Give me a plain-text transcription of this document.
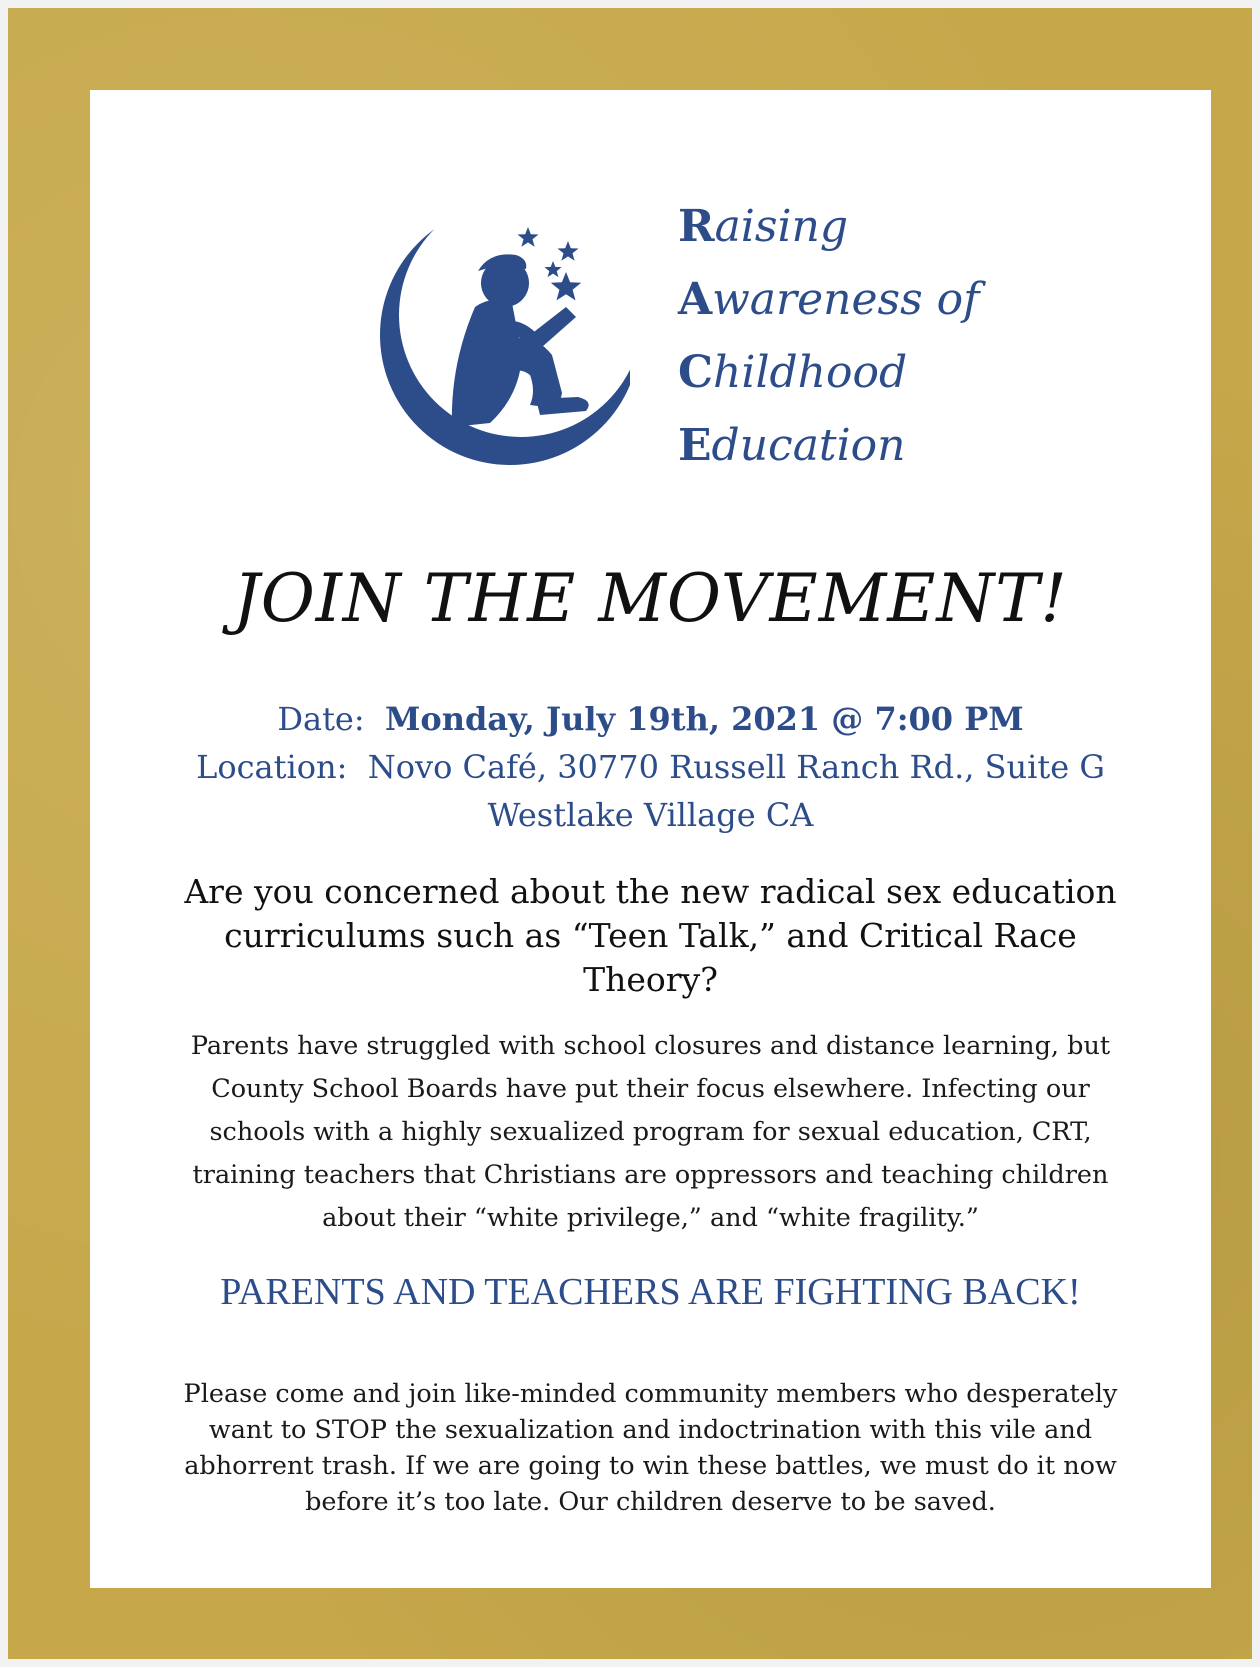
Raising
Awareness of
Childhood
Education
JOIN THE MOVEMENT!
Date: Monday, July 19th, 2021 @ 7:00 PM
Location: Novo Café, 30770 Russell Ranch Rd., Suite G
Westlake Village CA
Are you concerned about the new radical sex education
curriculums such as “Teen Talk,” and Critical Race
Theory?
Parents have struggled with school closures and distance learning, but
County School Boards have put their focus elsewhere. Infecting our
schools with a highly sexualized program for sexual education, CRT,
training teachers that Christians are oppressors and teaching children
about their “white privilege,” and “white fragility.”
PARENTS AND TEACHERS ARE FIGHTING BACK!
Please come and join like-minded community members who desperately
want to STOP the sexualization and indoctrination with this vile and
abhorrent trash. If we are going to win these battles, we must do it now
before it’s too late. Our children deserve to be saved.
